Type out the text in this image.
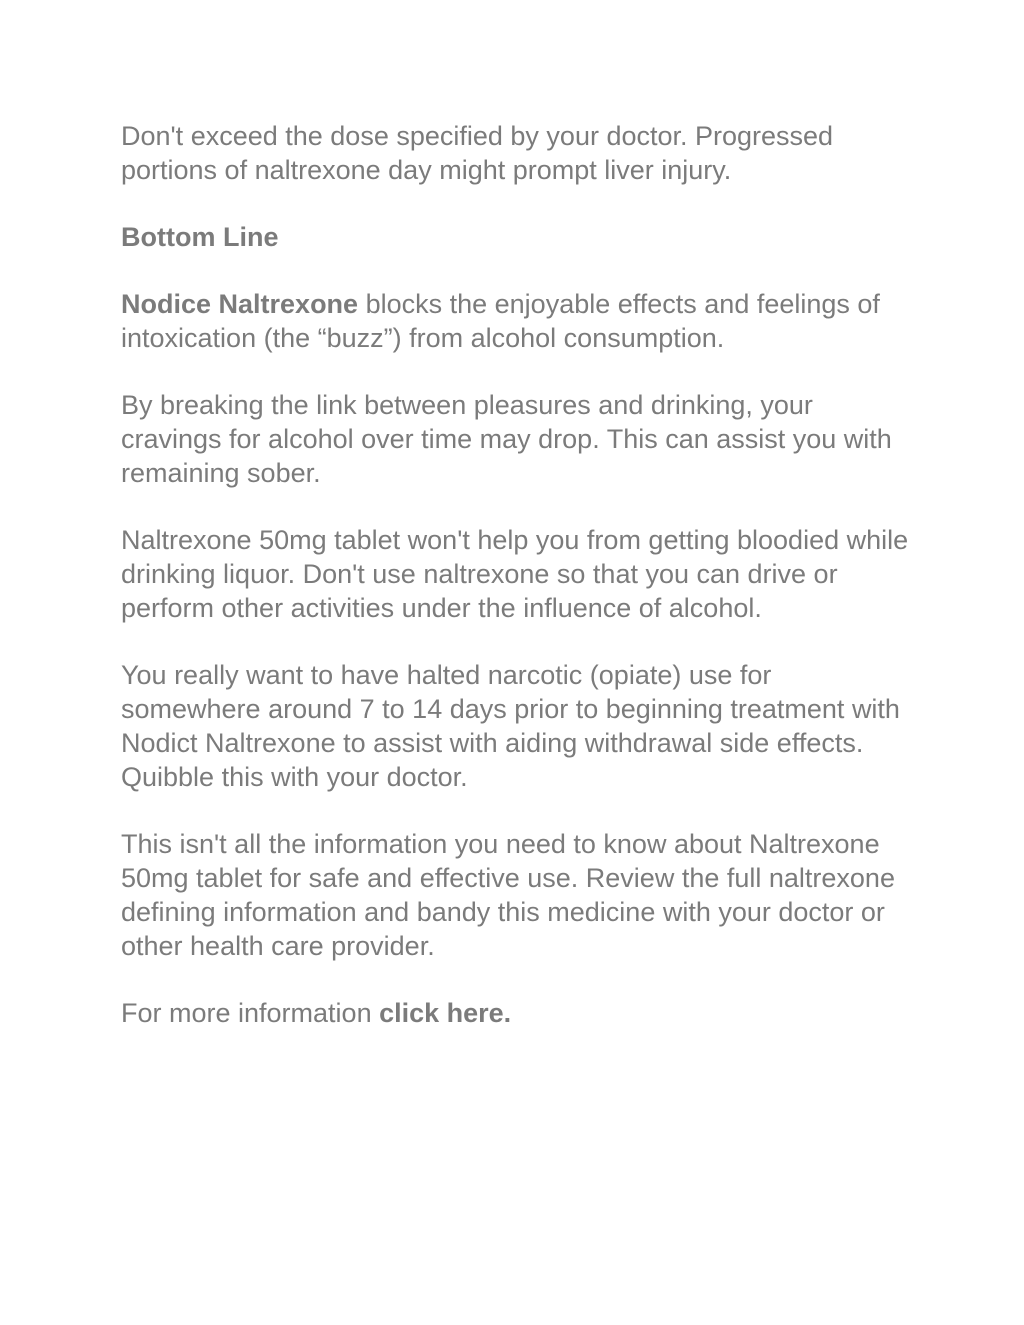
Don't exceed the dose specified by your doctor. Progressed portions of naltrexone day might prompt liver injury.

Bottom Line

Nodice Naltrexone blocks the enjoyable effects and feelings of intoxication (the “buzz”) from alcohol consumption.

By breaking the link between pleasures and drinking, your cravings for alcohol over time may drop. This can assist you with remaining sober.

Naltrexone 50mg tablet won't help you from getting bloodied while drinking liquor. Don't use naltrexone so that you can drive or perform other activities under the influence of alcohol.

You really want to have halted narcotic (opiate) use for somewhere around 7 to 14 days prior to beginning treatment with Nodict Naltrexone to assist with aiding withdrawal side effects. Quibble this with your doctor.

This isn't all the information you need to know about Naltrexone 50mg tablet for safe and effective use. Review the full naltrexone defining information and bandy this medicine with your doctor or other health care provider.

For more information click here.
